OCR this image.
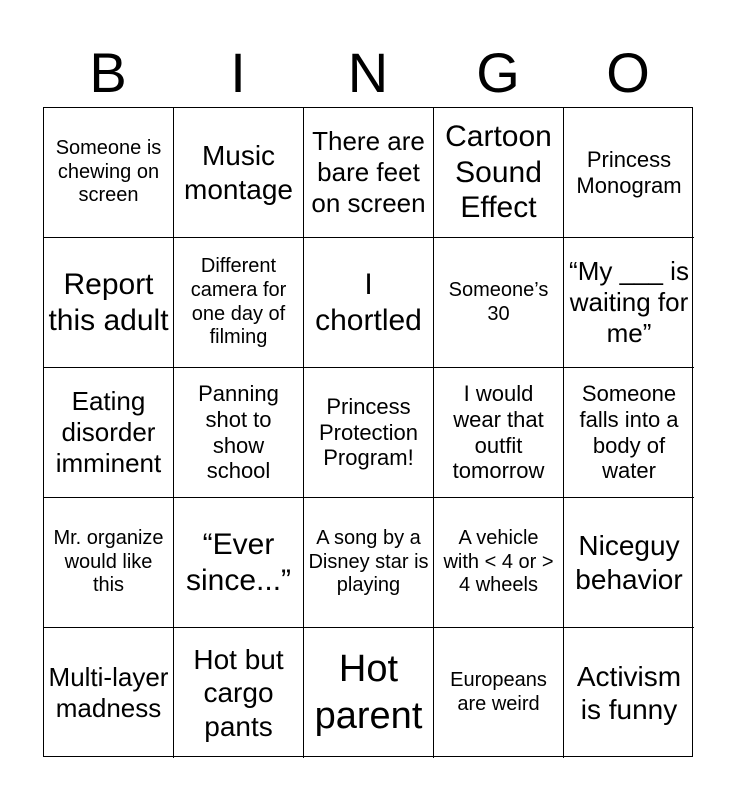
B	I	N	G	O
Someone is chewing on screen
Music montage
There are bare feet on screen
Cartoon Sound Effect
Princess Monogram
Report this adult
Different camera for one day of filming
I chortled
Someone’s 30
“My ___ is waiting for me”
Eating disorder imminent
Panning shot to show school
Princess Protection Program!
I would wear that outfit tomorrow
Someone falls into a body of water
Mr. organize would like this
“Ever since...”
A song by a Disney star is playing
A vehicle with < 4 or > 4 wheels
Niceguy behavior
Multi-layer madness
Hot but cargo pants
Hot parent
Europeans are weird
Activism is funny
